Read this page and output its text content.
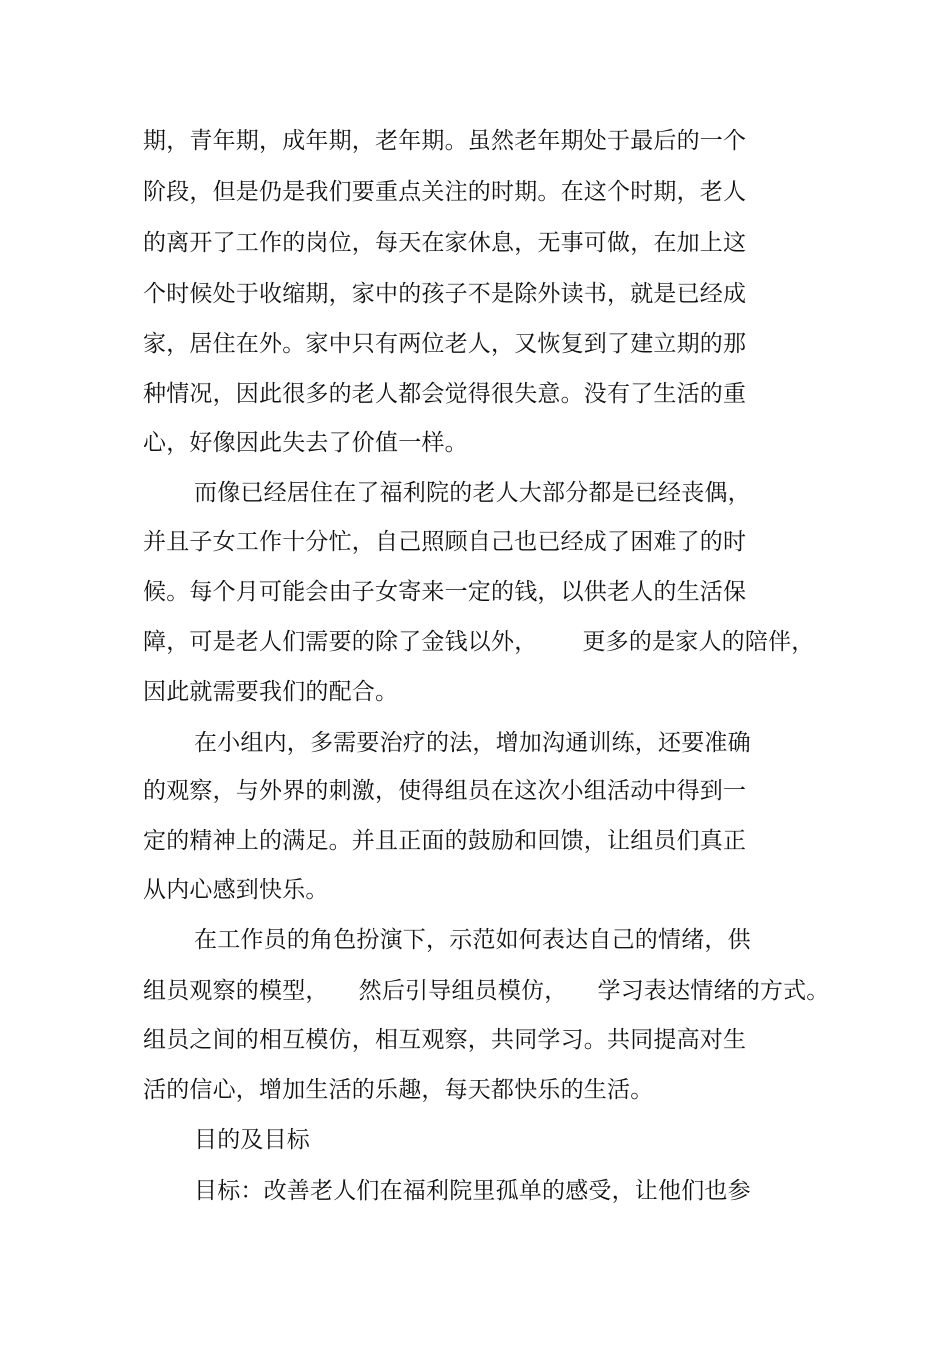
期，青年期，成年期，老年期。虽然老年期处于最后的一个
阶段，但是仍是我们要重点关注的时期。在这个时期，老人
的离开了工作的岗位，每天在家休息，无事可做，在加上这
个时候处于收缩期，家中的孩子不是除外读书，就是已经成
家，居住在外。家中只有两位老人，又恢复到了建立期的那
种情况，因此很多的老人都会觉得很失意。没有了生活的重
心，好像因此失去了价值一样。
而像已经居住在了福利院的老人大部分都是已经丧偶，
并且子女工作十分忙，自己照顾自己也已经成了困难了的时
候。每个月可能会由子女寄来一定的钱，以供老人的生活保
障，可是老人们需要的除了金钱以外，      更多的是家人的陪伴，
因此就需要我们的配合。
在小组内，多需要治疗的法，增加沟通训练，还要准确
的观察，与外界的刺激，使得组员在这次小组活动中得到一
定的精神上的满足。并且正面的鼓励和回馈，让组员们真正
从内心感到快乐。
在工作员的角色扮演下，示范如何表达自己的情绪，供
组员观察的模型，    然后引导组员模仿，    学习表达情绪的方式。
组员之间的相互模仿，相互观察，共同学习。共同提高对生
活的信心，增加生活的乐趣，每天都快乐的生活。
目的及目标
目标：改善老人们在福利院里孤单的感受，让他们也参
